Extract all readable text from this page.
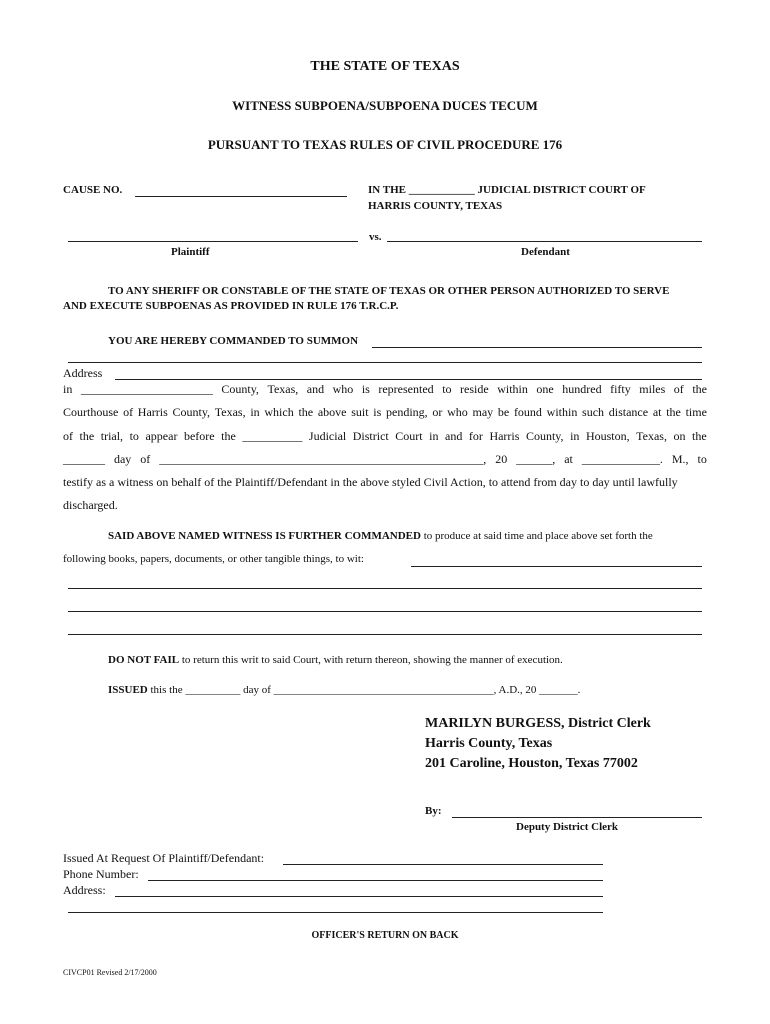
THE STATE OF TEXAS
WITNESS SUBPOENA/SUBPOENA DUCES TECUM
PURSUANT TO TEXAS RULES OF CIVIL PROCEDURE 176
CAUSE NO.	IN THE ____________ JUDICIAL DISTRICT COURT OF
HARRIS COUNTY, TEXAS
vs.
Plaintiff	Defendant
TO ANY SHERIFF OR CONSTABLE OF THE STATE OF TEXAS OR OTHER PERSON AUTHORIZED TO SERVE
AND EXECUTE SUBPOENAS AS PROVIDED IN RULE 176 T.R.C.P.
YOU ARE HEREBY COMMANDED TO SUMMON
Address
in ______________________ County, Texas, and who is represented to reside within one hundred fifty miles of the
Courthouse of Harris County, Texas, in which the above suit is pending, or who may be found within such distance at the time
of the trial, to appear before the __________ Judicial District Court in and for Harris County, in Houston, Texas, on the
_______ day of ______________________________________________________, 20 ______, at _____________. M., to
testify as a witness on behalf of the Plaintiff/Defendant in the above styled Civil Action, to attend from day to day until lawfully
discharged.
SAID ABOVE NAMED WITNESS IS FURTHER COMMANDED to produce at said time and place above set forth the
following books, papers, documents, or other tangible things, to wit:
DO NOT FAIL to return this writ to said Court, with return thereon, showing the manner of execution.
ISSUED this the __________ day of ________________________________________, A.D., 20 _______.
MARILYN BURGESS, District Clerk
Harris County, Texas
201 Caroline, Houston, Texas 77002
By:
Deputy District Clerk
Issued At Request Of Plaintiff/Defendant:
Phone Number:
Address:
OFFICER'S RETURN ON BACK
CIVCP01 Revised 2/17/2000
